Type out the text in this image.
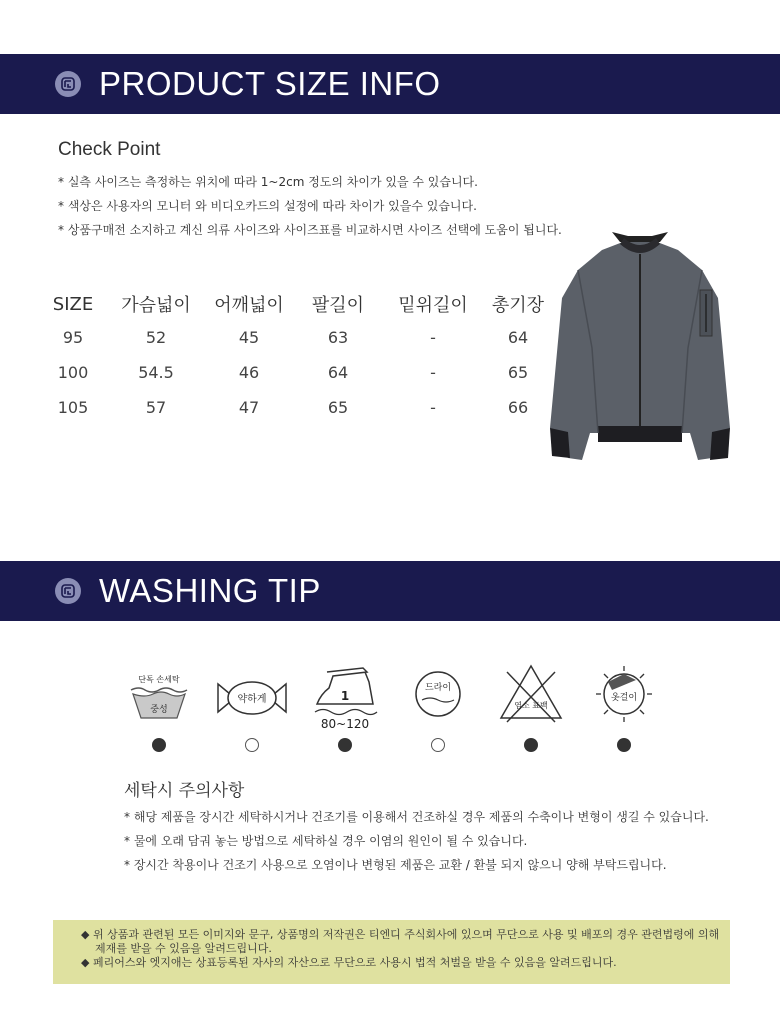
PRODUCT SIZE INFO
Check Point
* 실측 사이즈는 측정하는 위치에 따라 1~2cm 정도의 차이가 있을 수 있습니다.
* 색상은 사용자의 모니터 와 비디오카드의 설정에 따라 차이가 있을수 있습니다.
* 상품구매전 소지하고 계신 의류 사이즈와 사이즈표를 비교하시면 사이즈 선택에 도움이 됩니다.
SIZE	가슴넓이	어깨넓이	팔길이	밑위길이	총기장
95	52	45	63	-	64
100	54.5	46	64	-	65
105	57	47	65	-	66
WASHING TIP
단독 손세탁
중성
약하게	1
80~120
드라이
염소 표백
옷걸이
세탁시 주의사항
* 해당 제품을 장시간 세탁하시거나 건조기를 이용해서 건조하실 경우 제품의 수축이나 변형이 생길 수 있습니다.
* 물에 오래 담궈 놓는 방법으로 세탁하실 경우 이염의 원인이 될 수 있습니다.
* 장시간 착용이나 건조기 사용으로 오염이나 변형된 제품은 교환 / 환불 되지 않으니 양해 부탁드립니다.
◆ 위 상품과 관련된 모든 이미지와 문구, 상품명의 저작권은 티엔디 주식회사에 있으며 무단으로 사용 및 배포의 경우 관련법령에 의해
제재를 받을 수 있음을 알려드립니다.
◆ 페리어스와 엣지애는 상표등록된 자사의 자산으로 무단으로 사용시 법적 처벌을 받을 수 있음을 알려드립니다.
